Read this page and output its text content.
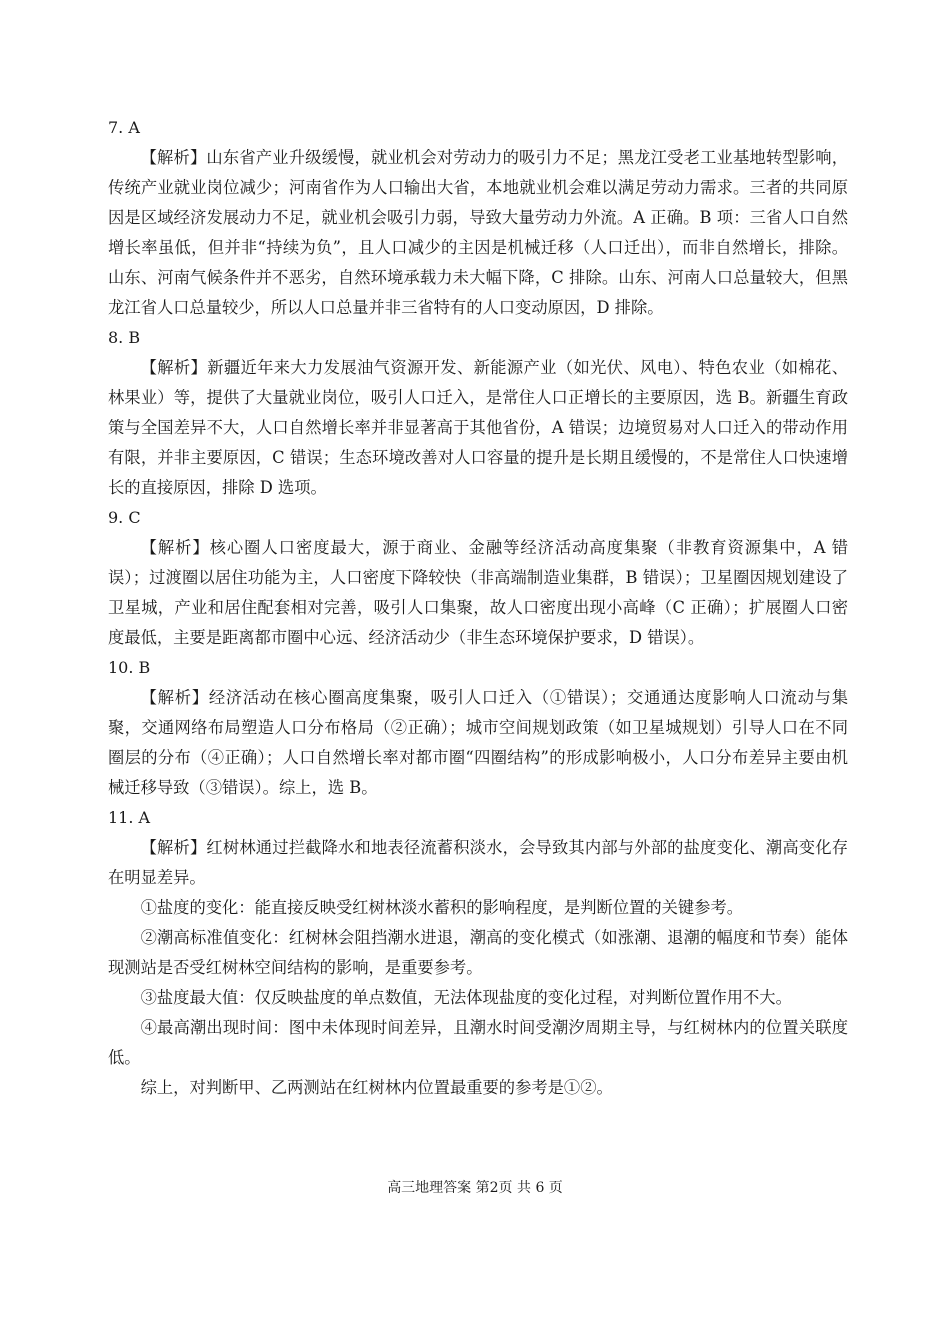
7. A

【解析】山东省产业升级缓慢，就业机会对劳动力的吸引力不足；黑龙江受老工业基地转型影响，传统产业就业岗位减少；河南省作为人口输出大省，本地就业机会难以满足劳动力需求。三者的共同原因是区域经济发展动力不足，就业机会吸引力弱，导致大量劳动力外流。A 正确。B 项：三省人口自然增长率虽低，但并非“持续为负”，且人口减少的主因是机械迁移（人口迁出），而非自然增长，排除。山东、河南气候条件并不恶劣，自然环境承载力未大幅下降，C 排除。山东、河南人口总量较大，但黑龙江省人口总量较少，所以人口总量并非三省特有的人口变动原因，D 排除。

8. B

【解析】新疆近年来大力发展油气资源开发、新能源产业（如光伏、风电）、特色农业（如棉花、林果业）等，提供了大量就业岗位，吸引人口迁入，是常住人口正增长的主要原因，选 B。新疆生育政策与全国差异不大，人口自然增长率并非显著高于其他省份，A 错误；边境贸易对人口迁入的带动作用有限，并非主要原因，C 错误；生态环境改善对人口容量的提升是长期且缓慢的，不是常住人口快速增长的直接原因，排除 D 选项。

9. C

【解析】核心圈人口密度最大，源于商业、金融等经济活动高度集聚（非教育资源集中，A 错误）；过渡圈以居住功能为主，人口密度下降较快（非高端制造业集群，B 错误）；卫星圈因规划建设了卫星城，产业和居住配套相对完善，吸引人口集聚，故人口密度出现小高峰（C 正确）；扩展圈人口密度最低，主要是距离都市圈中心远、经济活动少（非生态环境保护要求，D 错误）。

10. B

【解析】经济活动在核心圈高度集聚，吸引人口迁入（①错误）；交通通达度影响人口流动与集聚，交通网络布局塑造人口分布格局（②正确）；城市空间规划政策（如卫星城规划）引导人口在不同圈层的分布（④正确）；人口自然增长率对都市圈“四圈结构”的形成影响极小，人口分布差异主要由机械迁移导致（③错误）。综上，选 B。

11. A

【解析】红树林通过拦截降水和地表径流蓄积淡水，会导致其内部与外部的盐度变化、潮高变化存在明显差异。

①盐度的变化：能直接反映受红树林淡水蓄积的影响程度，是判断位置的关键参考。

②潮高标准值变化：红树林会阻挡潮水进退，潮高的变化模式（如涨潮、退潮的幅度和节奏）能体现测站是否受红树林空间结构的影响，是重要参考。

③盐度最大值：仅反映盐度的单点数值，无法体现盐度的变化过程，对判断位置作用不大。

④最高潮出现时间：图中未体现时间差异，且潮水时间受潮汐周期主导，与红树林内的位置关联度低。

综上，对判断甲、乙两测站在红树林内位置最重要的参考是①②。

高三地理答案 第2页 共 6 页
